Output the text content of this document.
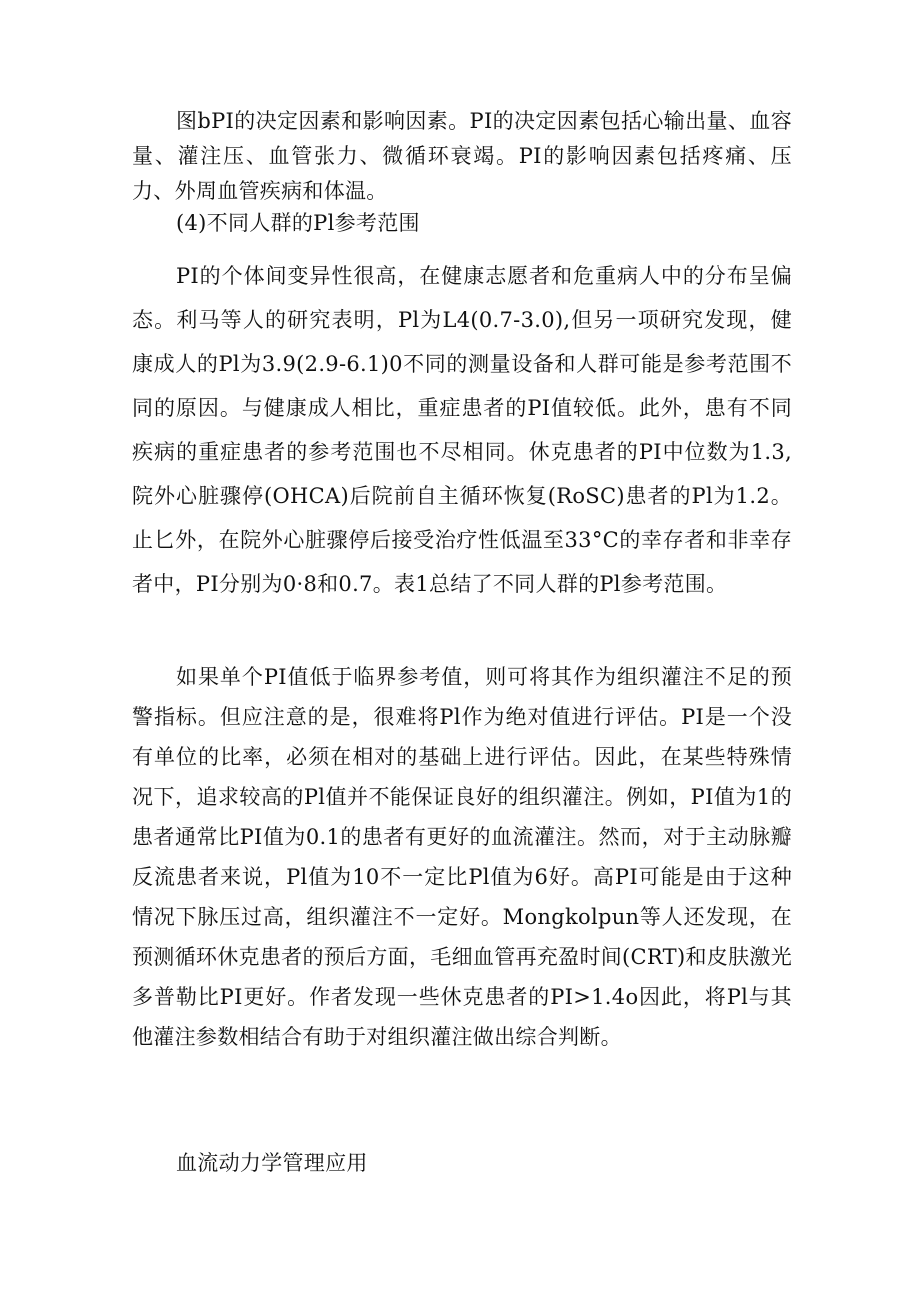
图bPI的决定因素和影响因素。PI的决定因素包括心输出量、血容量、灌注压、血管张力、微循环衰竭。PI的影响因素包括疼痛、压力、外周血管疾病和体温。

(4)不同人群的Pl参考范围

PI的个体间变异性很高，在健康志愿者和危重病人中的分布呈偏态。利马等人的研究表明，Pl为L4(0.7-3.0),但另一项研究发现，健康成人的Pl为3.9(2.9-6.1)0不同的测量设备和人群可能是参考范围不同的原因。与健康成人相比，重症患者的PI值较低。此外，患有不同疾病的重症患者的参考范围也不尽相同。休克患者的PI中位数为1.3,院外心脏骤停(OHCA)后院前自主循环恢复(RoSC)患者的Pl为1.2。止匕外，在院外心脏骤停后接受治疗性低温至33°C的幸存者和非幸存者中，PI分别为0·8和0.7。表1总结了不同人群的Pl参考范围。

如果单个PI值低于临界参考值，则可将其作为组织灌注不足的预警指标。但应注意的是，很难将Pl作为绝对值进行评估。PI是一个没有单位的比率，必须在相对的基础上进行评估。因此，在某些特殊情况下，追求较高的Pl值并不能保证良好的组织灌注。例如，PI值为1的患者通常比PI值为0.1的患者有更好的血流灌注。然而，对于主动脉瓣反流患者来说，Pl值为10不一定比Pl值为6好。高PI可能是由于这种情况下脉压过高，组织灌注不一定好。Mongkolpun等人还发现，在预测循环休克患者的预后方面，毛细血管再充盈时间(CRT)和皮肤激光多普勒比PI更好。作者发现一些休克患者的PI>1.4o因此，将Pl与其他灌注参数相结合有助于对组织灌注做出综合判断。

血流动力学管理应用
